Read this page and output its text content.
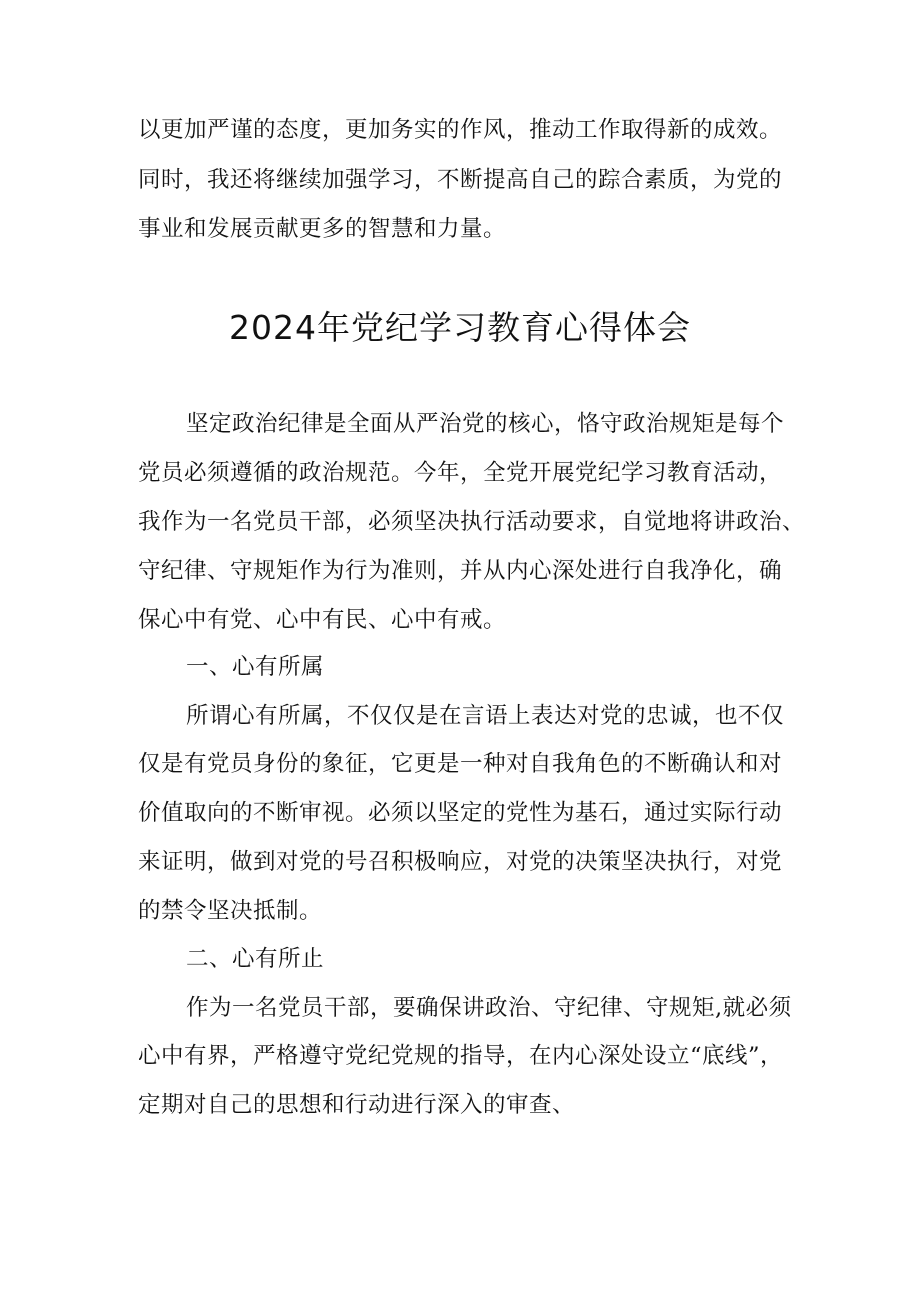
以更加严谨的态度，更加务实的作风，推动工作取得新的成效。
同时，我还将继续加强学习，不断提高自己的踪合素质，为党的
事业和发展贡献更多的智慧和力量。
2024年党纪学习教育心得体会
坚定政治纪律是全面从严治党的核心，恪守政治规矩是每个
党员必须遵循的政治规范。今年，全党开展党纪学习教育活动，
我作为一名党员干部，必须坚决执行活动要求，自觉地将讲政治、
守纪律、守规矩作为行为准则，并从内心深处进行自我净化，确
保心中有党、心中有民、心中有戒。
一、心有所属
所谓心有所属，不仅仅是在言语上表达对党的忠诚，也不仅
仅是有党员身份的象征，它更是一种对自我角色的不断确认和对
价值取向的不断审视。必须以坚定的党性为基石，通过实际行动
来证明，做到对党的号召积极响应，对党的决策坚决执行，对党
的禁令坚决抵制。
二、心有所止
作为一名党员干部，要确保讲政治、守纪律、守规矩,就必须
心中有界，严格遵守党纪党规的指导，在内心深处设立“底线”，
定期对自己的思想和行动进行深入的审查、
